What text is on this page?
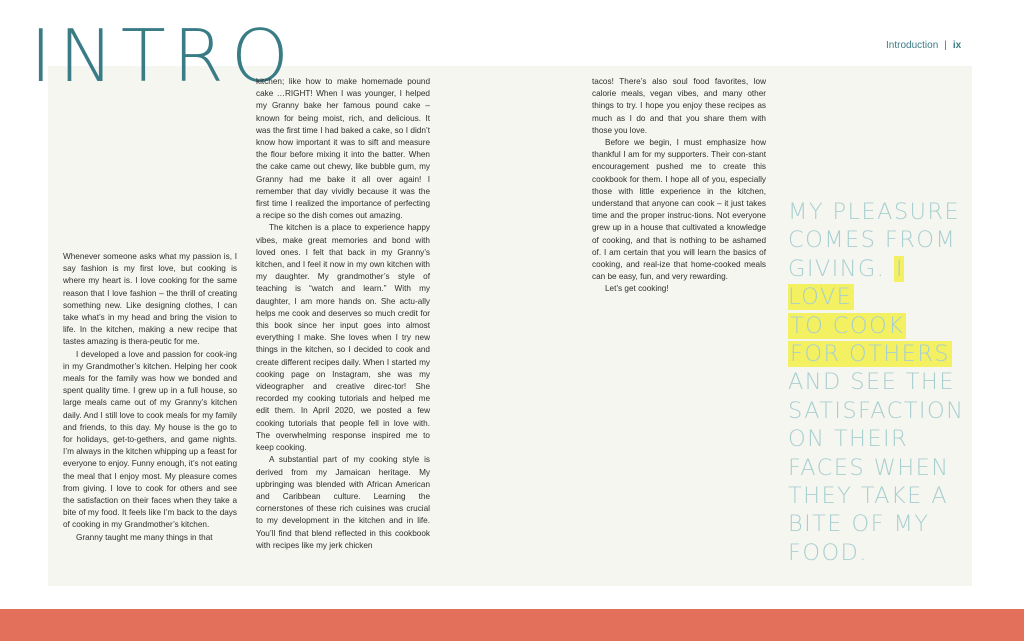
INTRO	Introduction | ix

Whenever someone asks what my passion is, I say fashion is my first love, but cooking is where my heart is. I love cooking for the same reason that I love fashion – the thrill of creating something new. Like designing clothes, I can take what’s in my head and bring the vision to life. In the kitchen, making a new recipe that tastes amazing is thera-peutic for me.

I developed a love and passion for cook-ing in my Grandmother’s kitchen. Helping her cook meals for the family was how we bonded and spent quality time. I grew up in a full house, so large meals came out of my Granny’s kitchen daily. And I still love to cook meals for my family and friends, to this day. My house is the go to for holidays, get-to-gethers, and game nights. I’m always in the kitchen whipping up a feast for everyone to enjoy. Funny enough, it’s not eating the meal that I enjoy most. My pleasure comes from giving. I love to cook for others and see the satisfaction on their faces when they take a bite of my food. It feels like I’m back to the days of cooking in my Grandmother’s kitchen.

Granny taught me many things in that

kitchen; like how to make homemade pound cake …RIGHT! When I was younger, I helped my Granny bake her famous pound cake – known for being moist, rich, and delicious. It was the first time I had baked a cake, so I didn’t know how important it was to sift and measure the flour before mixing it into the batter. When the cake came out chewy, like bubble gum, my Granny had me bake it all over again! I remember that day vividly because it was the first time I realized the importance of perfecting a recipe so the dish comes out amazing.

The kitchen is a place to experience happy vibes, make great memories and bond with loved ones. I felt that back in my Granny’s kitchen, and I feel it now in my own kitchen with my daughter. My grandmother’s style of teaching is “watch and learn.” With my daughter, I am more hands on. She actu-ally helps me cook and deserves so much credit for this book since her input goes into almost everything I make. She loves when I try new things in the kitchen, so I decided to cook and create different recipes daily. When I started my cooking page on Instagram, she was my videographer and creative direc-tor! She recorded my cooking tutorials and helped me edit them. In April 2020, we posted a few cooking tutorials that people fell in love with. The overwhelming response inspired me to keep cooking.

A substantial part of my cooking style is derived from my Jamaican heritage. My upbringing was blended with African American and Caribbean culture. Learning the cornerstones of these rich cuisines was crucial to my development in the kitchen and in life. You’ll find that blend reflected in this cookbook with recipes like my jerk chicken

tacos! There’s also soul food favorites, low calorie meals, vegan vibes, and many other things to try. I hope you enjoy these recipes as much as I do and that you share them with those you love.

Before we begin, I must emphasize how thankful I am for my supporters. Their con-stant encouragement pushed me to create this cookbook for them. I hope all of you, especially those with little experience in the kitchen, understand that anyone can cook – it just takes time and the proper instruc-tions. Not everyone grew up in a house that cultivated a knowledge of cooking, and that is nothing to be ashamed of. I am certain that you will learn the basics of cooking, and real-ize that home-cooked meals can be easy, fun, and very rewarding.

Let’s get cooking!

MY PLEASURE COMES FROM GIVING. I LOVE
TO COOK
FOR OTHERS AND SEE THE SATISFACTION ON THEIR FACES WHEN THEY TAKE A BITE OF MY FOOD.
